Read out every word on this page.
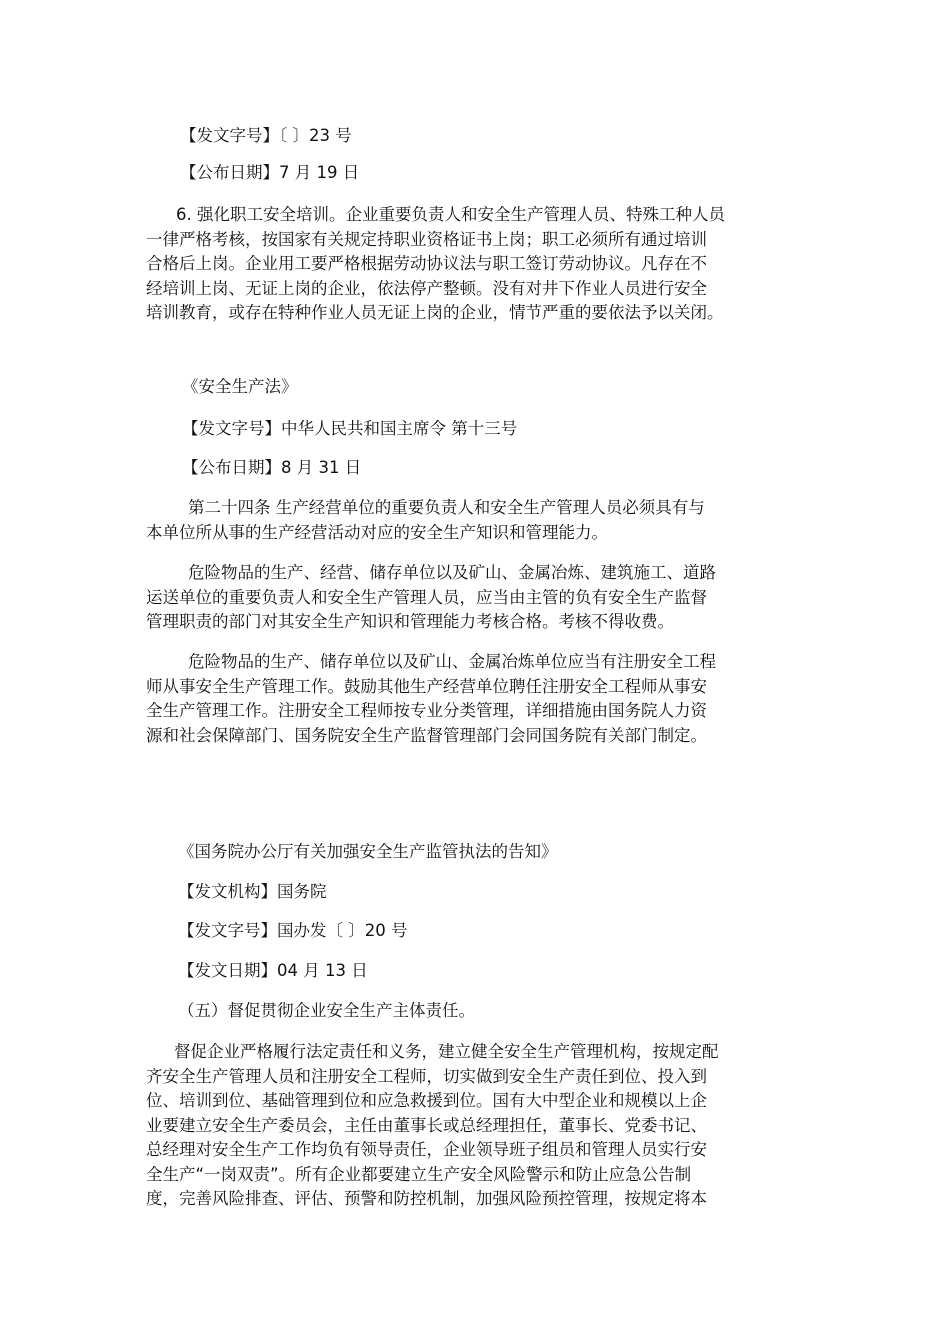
【发文字号】〔 〕23 号
【公布日期】7 月 19 日
6. 强化职工安全培训。企业重要负责人和安全生产管理人员、特殊工种人员
一律严格考核，按国家有关规定持职业资格证书上岗；职工必须所有通过培训
合格后上岗。企业用工要严格根据劳动协议法与职工签订劳动协议。凡存在不
经培训上岗、无证上岗的企业，依法停产整顿。没有对井下作业人员进行安全
培训教育，或存在特种作业人员无证上岗的企业，情节严重的要依法予以关闭。
《安全生产法》
【发文字号】中华人民共和国主席令 第十三号
【公布日期】8 月 31 日
第二十四条 生产经营单位的重要负责人和安全生产管理人员必须具有与
本单位所从事的生产经营活动对应的安全生产知识和管理能力。
危险物品的生产、经营、储存单位以及矿山、金属冶炼、建筑施工、道路
运送单位的重要负责人和安全生产管理人员，应当由主管的负有安全生产监督
管理职责的部门对其安全生产知识和管理能力考核合格。考核不得收费。
危险物品的生产、储存单位以及矿山、金属冶炼单位应当有注册安全工程
师从事安全生产管理工作。鼓励其他生产经营单位聘任注册安全工程师从事安
全生产管理工作。注册安全工程师按专业分类管理，详细措施由国务院人力资
源和社会保障部门、国务院安全生产监督管理部门会同国务院有关部门制定。
《国务院办公厅有关加强安全生产监管执法的告知》
【发文机构】国务院
【发文字号】国办发〔 〕20 号
【发文日期】04 月 13 日
（五）督促贯彻企业安全生产主体责任。
督促企业严格履行法定责任和义务，建立健全安全生产管理机构，按规定配
齐安全生产管理人员和注册安全工程师，切实做到安全生产责任到位、投入到
位、培训到位、基础管理到位和应急救援到位。国有大中型企业和规模以上企
业要建立安全生产委员会，主任由董事长或总经理担任，董事长、党委书记、
总经理对安全生产工作均负有领导责任，企业领导班子组员和管理人员实行安
全生产“一岗双责”。所有企业都要建立生产安全风险警示和防止应急公告制
度，完善风险排查、评估、预警和防控机制，加强风险预控管理，按规定将本
